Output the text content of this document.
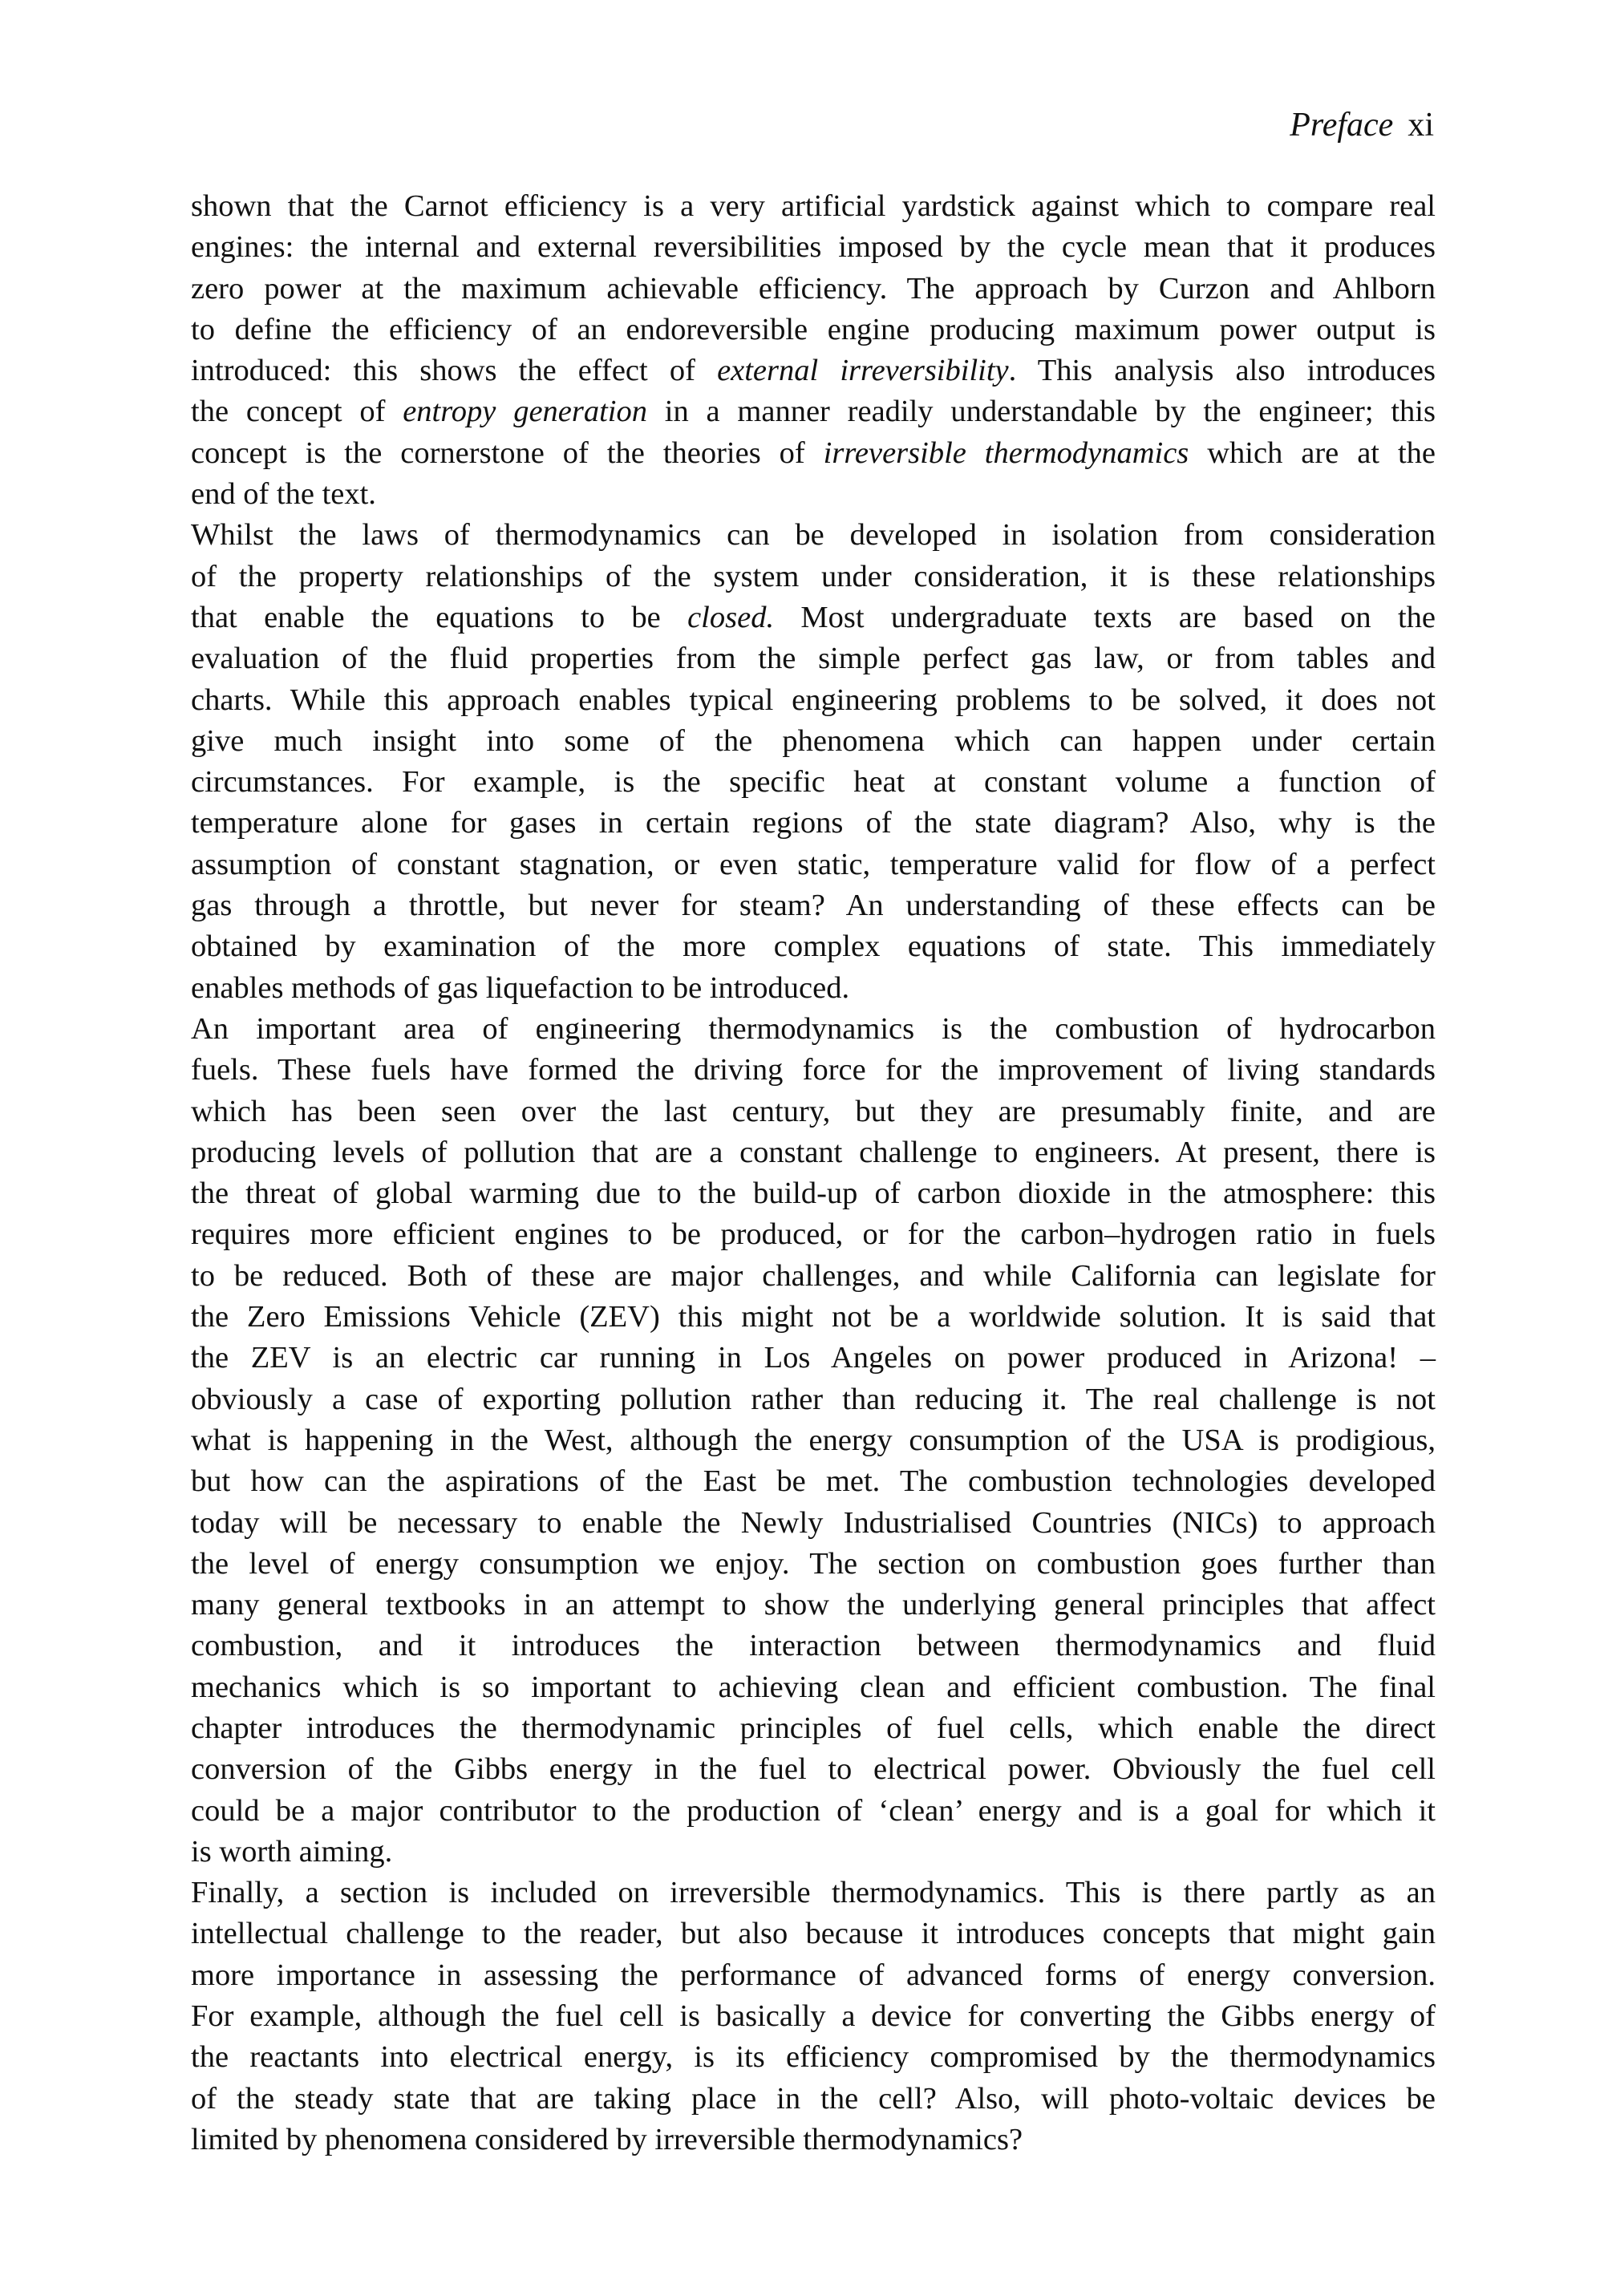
Preface xi

shown that the Carnot efficiency is a very artificial yardstick against which to compare real
engines: the internal and external reversibilities imposed by the cycle mean that it produces
zero power at the maximum achievable efficiency. The approach by Curzon and Ahlborn
to define the efficiency of an endoreversible engine producing maximum power output is
introduced: this shows the effect of external irreversibility. This analysis also introduces
the concept of entropy generation in a manner readily understandable by the engineer; this
concept is the cornerstone of the theories of irreversible thermodynamics which are at the
end of the text.

Whilst the laws of thermodynamics can be developed in isolation from consideration
of the property relationships of the system under consideration, it is these relationships
that enable the equations to be closed. Most undergraduate texts are based on the
evaluation of the fluid properties from the simple perfect gas law, or from tables and
charts. While this approach enables typical engineering problems to be solved, it does not
give much insight into some of the phenomena which can happen under certain
circumstances. For example, is the specific heat at constant volume a function of
temperature alone for gases in certain regions of the state diagram? Also, why is the
assumption of constant stagnation, or even static, temperature valid for flow of a perfect
gas through a throttle, but never for steam? An understanding of these effects can be
obtained by examination of the more complex equations of state. This immediately
enables methods of gas liquefaction to be introduced.

An important area of engineering thermodynamics is the combustion of hydrocarbon
fuels. These fuels have formed the driving force for the improvement of living standards
which has been seen over the last century, but they are presumably finite, and are
producing levels of pollution that are a constant challenge to engineers. At present, there is
the threat of global warming due to the build-up of carbon dioxide in the atmosphere: this
requires more efficient engines to be produced, or for the carbon–hydrogen ratio in fuels
to be reduced. Both of these are major challenges, and while California can legislate for
the Zero Emissions Vehicle (ZEV) this might not be a worldwide solution. It is said that
the ZEV is an electric car running in Los Angeles on power produced in Arizona! –
obviously a case of exporting pollution rather than reducing it. The real challenge is not
what is happening in the West, although the energy consumption of the USA is prodigious,
but how can the aspirations of the East be met. The combustion technologies developed
today will be necessary to enable the Newly Industrialised Countries (NICs) to approach
the level of energy consumption we enjoy. The section on combustion goes further than
many general textbooks in an attempt to show the underlying general principles that affect
combustion, and it introduces the interaction between thermodynamics and fluid
mechanics which is so important to achieving clean and efficient combustion. The final
chapter introduces the thermodynamic principles of fuel cells, which enable the direct
conversion of the Gibbs energy in the fuel to electrical power. Obviously the fuel cell
could be a major contributor to the production of ‘clean’ energy and is a goal for which it
is worth aiming.

Finally, a section is included on irreversible thermodynamics. This is there partly as an
intellectual challenge to the reader, but also because it introduces concepts that might gain
more importance in assessing the performance of advanced forms of energy conversion.
For example, although the fuel cell is basically a device for converting the Gibbs energy of
the reactants into electrical energy, is its efficiency compromised by the thermodynamics
of the steady state that are taking place in the cell? Also, will photo-voltaic devices be
limited by phenomena considered by irreversible thermodynamics?
